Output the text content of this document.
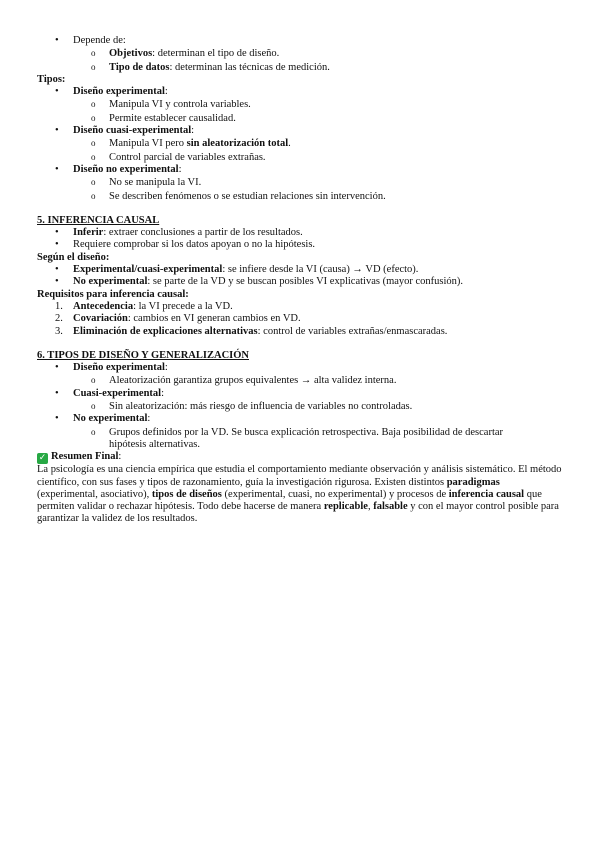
• Depende de:
o Objetivos: determinan el tipo de diseño.
o Tipo de datos: determinan las técnicas de medición.
Tipos:
• Diseño experimental:
o Manipula VI y controla variables.
o Permite establecer causalidad.
• Diseño cuasi-experimental:
o Manipula VI pero sin aleatorización total.
o Control parcial de variables extrañas.
• Diseño no experimental:
o No se manipula la VI.
o Se describen fenómenos o se estudian relaciones sin intervención.
5. INFERENCIA CAUSAL
• Inferir: extraer conclusiones a partir de los resultados.
• Requiere comprobar si los datos apoyan o no la hipótesis.
Según el diseño:
• Experimental/cuasi-experimental: se infiere desde la VI (causa) → VD (efecto).
• No experimental: se parte de la VD y se buscan posibles VI explicativas (mayor confusión).
Requisitos para inferencia causal:
1. Antecedencia: la VI precede a la VD.
2. Covariación: cambios en VI generan cambios en VD.
3. Eliminación de explicaciones alternativas: control de variables extrañas/enmascaradas.
6. TIPOS DE DISEÑO Y GENERALIZACIÓN
• Diseño experimental:
o Aleatorización garantiza grupos equivalentes → alta validez interna.
• Cuasi-experimental:
o Sin aleatorización: más riesgo de influencia de variables no controladas.
• No experimental:
o Grupos definidos por la VD. Se busca explicación retrospectiva. Baja posibilidad de descartar
hipótesis alternativas.
✓ Resumen Final:
La psicología es una ciencia empírica que estudia el comportamiento mediante observación y análisis sistemático. El método científico, con sus fases y tipos de razonamiento, guía la investigación rigurosa. Existen distintos paradigmas (experimental, asociativo), tipos de diseños (experimental, cuasi, no experimental) y procesos de inferencia causal que permiten validar o rechazar hipótesis. Todo debe hacerse de manera replicable, falsable y con el mayor control posible para garantizar la validez de los resultados.
